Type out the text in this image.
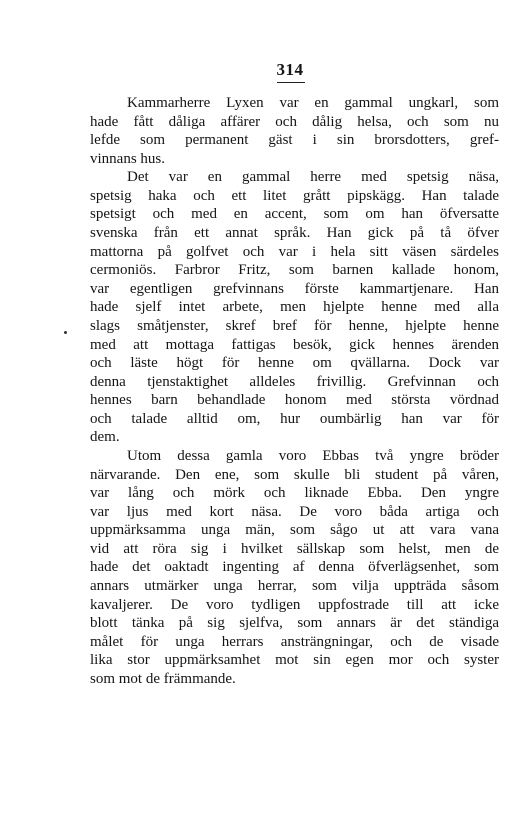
314
Kammarherre Lyxen var en gammal ungkarl, som
hade fått dåliga affärer och dålig helsa, och som nu
lefde som permanent gäst i sin brorsdotters, gref-
vinnans hus.
Det var en gammal herre med spetsig näsa,
spetsig haka och ett litet grått pipskägg. Han talade
spetsigt och med en accent, som om han öfversatte
svenska från ett annat språk. Han gick på tå öfver
mattorna på golfvet och var i hela sitt väsen särdeles
cermoniös. Farbror Fritz, som barnen kallade honom,
var egentligen grefvinnans förste kammartjenare. Han
hade sjelf intet arbete, men hjelpte henne med alla
slags småtjenster, skref bref för henne, hjelpte henne
med att mottaga fattigas besök, gick hennes ärenden
och läste högt för henne om qvällarna. Dock var
denna tjenstaktighet alldeles frivillig. Grefvinnan och
hennes barn behandlade honom med största vördnad
och talade alltid om, hur oumbärlig han var för
dem.
Utom dessa gamla voro Ebbas två yngre bröder
närvarande. Den ene, som skulle bli student på våren,
var lång och mörk och liknade Ebba. Den yngre
var ljus med kort näsa. De voro båda artiga och
uppmärksamma unga män, som sågo ut att vara vana
vid att röra sig i hvilket sällskap som helst, men de
hade det oaktadt ingenting af denna öfverlägsenhet, som
annars utmärker unga herrar, som vilja uppträda såsom
kavaljerer. De voro tydligen uppfostrade till att icke
blott tänka på sig sjelfva, som annars är det ständiga
målet för unga herrars ansträngningar, och de visade
lika stor uppmärksamhet mot sin egen mor och syster
som mot de främmande.
